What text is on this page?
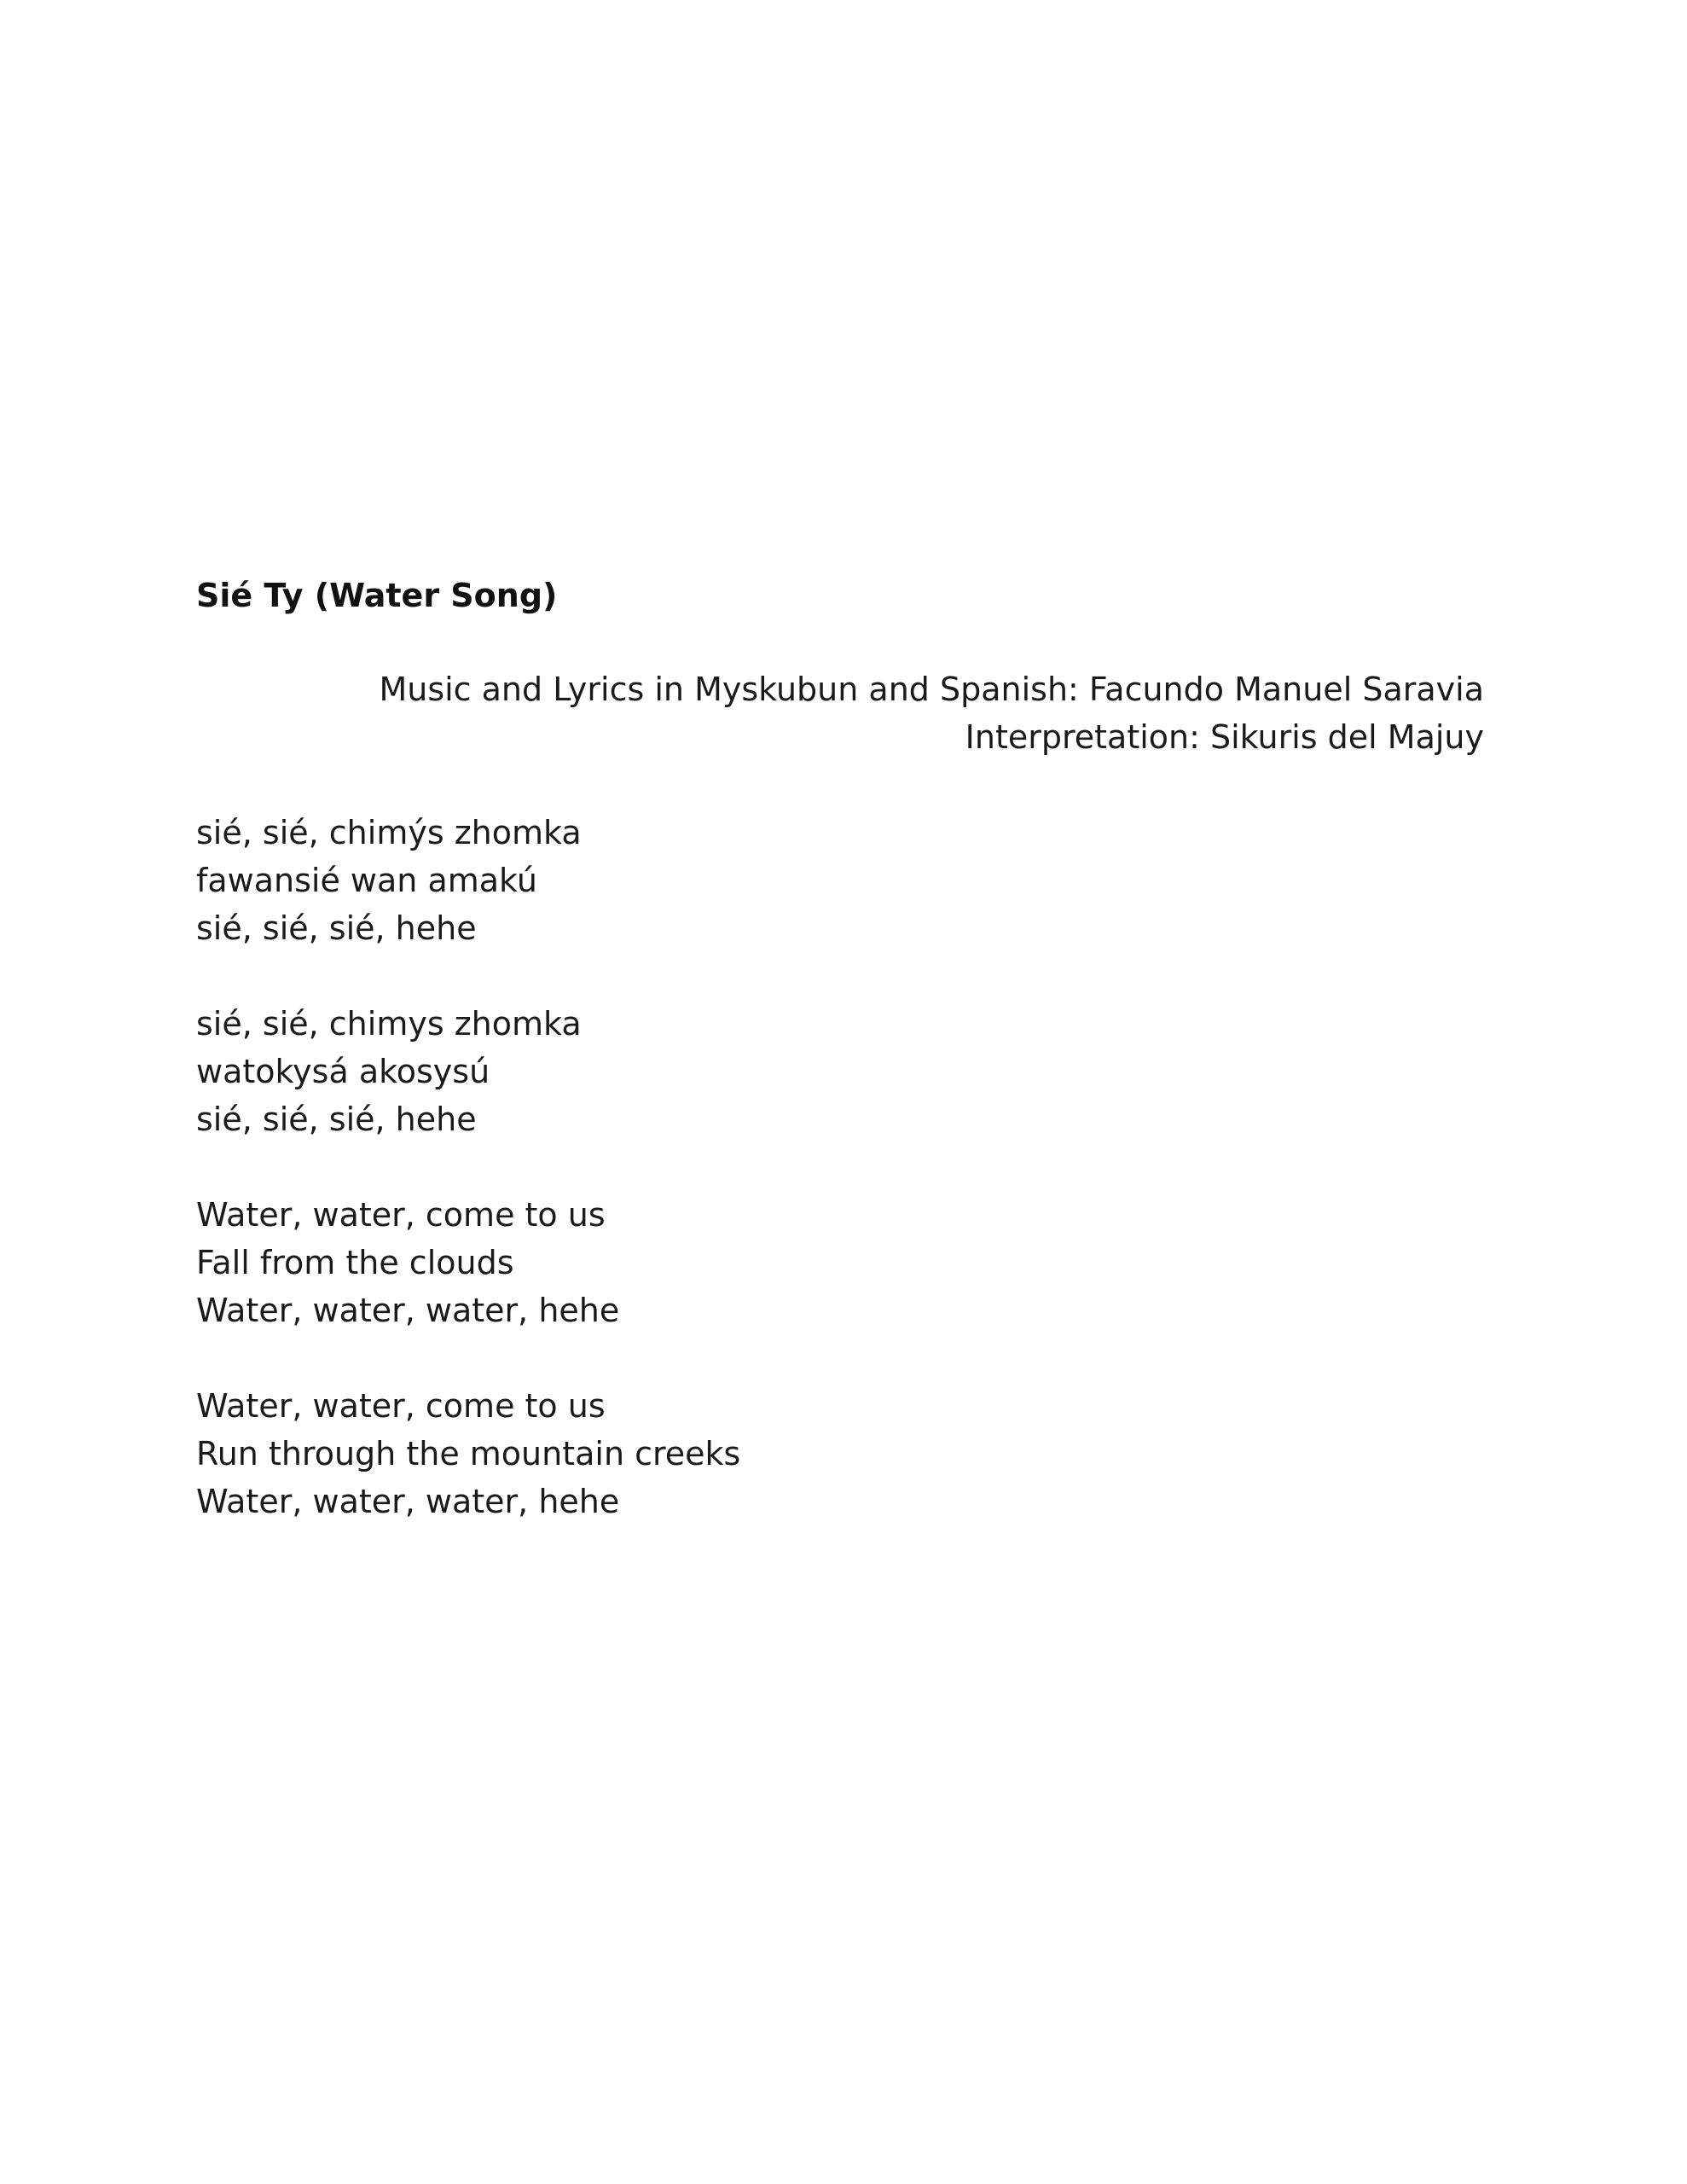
Sié Ty (Water Song)
Music and Lyrics in Myskubun and Spanish: Facundo Manuel Saravia
Interpretation: Sikuris del Majuy
sié, sié, chimýs zhomka
fawansié wan amakú
sié, sié, sié, hehe
sié, sié, chimys zhomka
watokysá akosysú
sié, sié, sié, hehe
Water, water, come to us
Fall from the clouds
Water, water, water, hehe
Water, water, come to us
Run through the mountain creeks
Water, water, water, hehe
